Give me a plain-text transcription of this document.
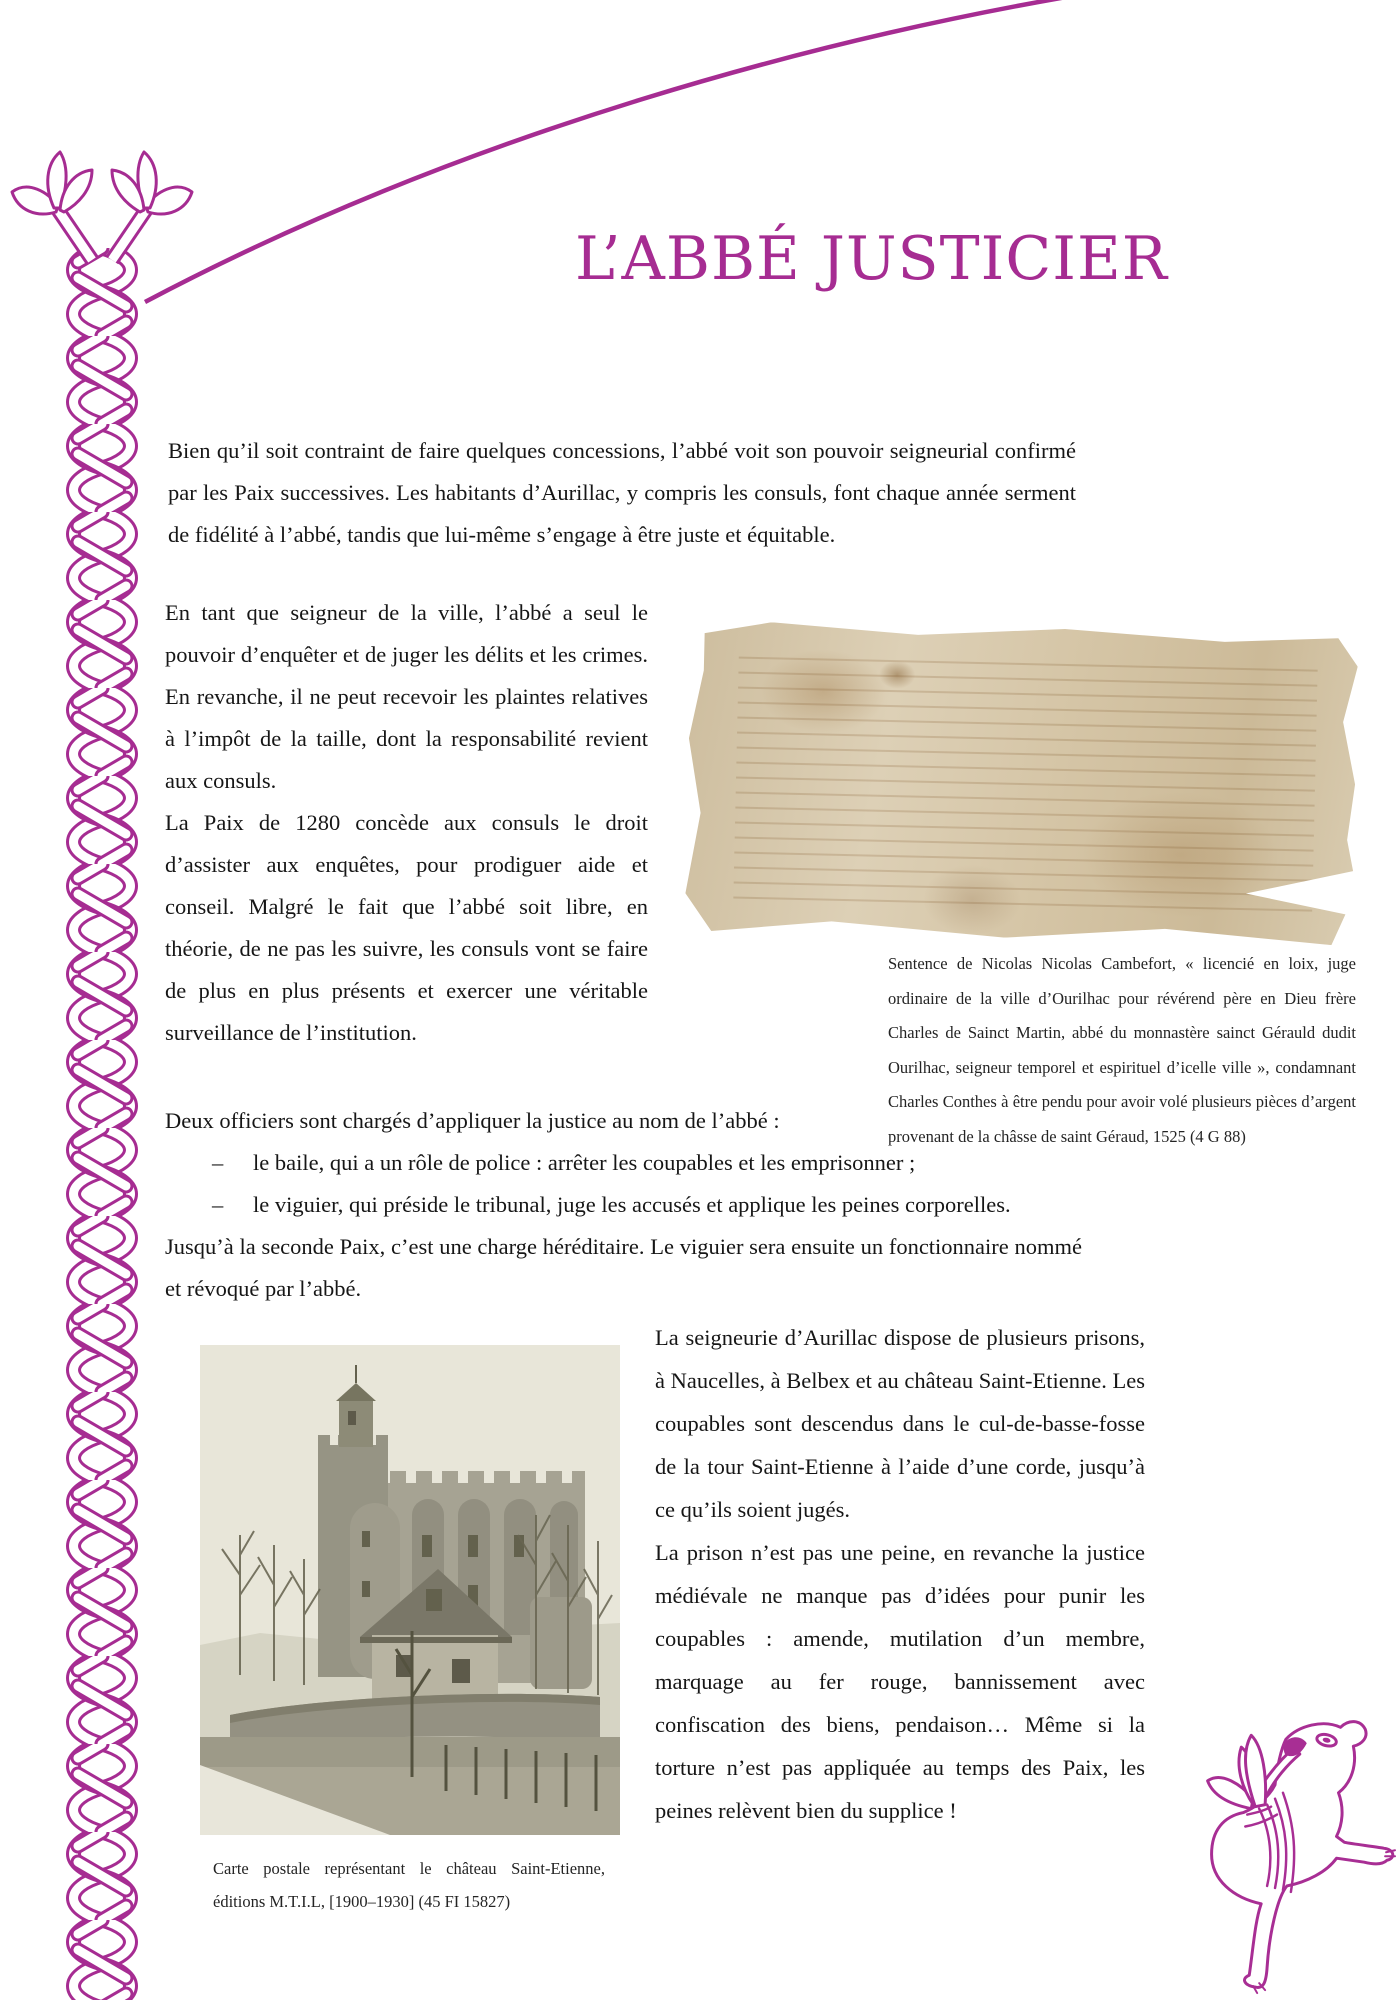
L’ABBÉ JUSTICIER
Bien qu’il soit contraint de faire quelques concessions, l’abbé voit son pouvoir seigneurial confirmé par les Paix successives. Les habitants d’Aurillac, y compris les consuls, font chaque année serment de fidélité à l’abbé, tandis que lui-même s’engage à être juste et équitable.
En tant que seigneur de la ville, l’abbé a seul le pouvoir d’enquêter et de juger les délits et les crimes. En revanche, il ne peut recevoir les plaintes relatives à l’impôt de la taille, dont la responsabilité revient aux consuls.
La Paix de 1280 concède aux consuls le droit d’assister aux enquêtes, pour prodiguer aide et conseil. Malgré le fait que l’abbé soit libre, en théorie, de ne pas les suivre, les consuls vont se faire de plus en plus présents et exercer une véritable surveillance de l’institution.
Sentence de Nicolas Nicolas Cambefort, « licencié en loix, juge ordinaire de la ville d’Ourilhac pour révérend père en Dieu frère Charles de Sainct Martin, abbé du monnastère sainct Gérauld dudit Ourilhac, seigneur temporel et espirituel d’icelle ville », condamnant Charles Conthes à être pendu pour avoir volé plusieurs pièces d’argent provenant de la châsse de saint Géraud, 1525 (4 G 88)
Deux officiers sont chargés d’appliquer la justice au nom de l’abbé :
– le baile, qui a un rôle de police : arrêter les coupables et les emprisonner ;
– le viguier, qui préside le tribunal, juge les accusés et applique les peines corporelles.
Jusqu’à la seconde Paix, c’est une charge héréditaire. Le viguier sera ensuite un fonctionnaire nommé et révoqué par l’abbé.
Carte postale représentant le château Saint-Etienne, éditions M.T.I.L, [1900–1930] (45 FI 15827)
La seigneurie d’Aurillac dispose de plusieurs prisons, à Naucelles, à Belbex et au château Saint-Etienne. Les coupables sont descendus dans le cul-de-basse-fosse de la tour Saint-Etienne à l’aide d’une corde, jusqu’à ce qu’ils soient jugés.
La prison n’est pas une peine, en revanche la justice médiévale ne manque pas d’idées pour punir les coupables : amende, mutilation d’un membre, marquage au fer rouge, bannissement avec confiscation des biens, pendaison… Même si la torture n’est pas appliquée au temps des Paix, les peines relèvent bien du supplice !
